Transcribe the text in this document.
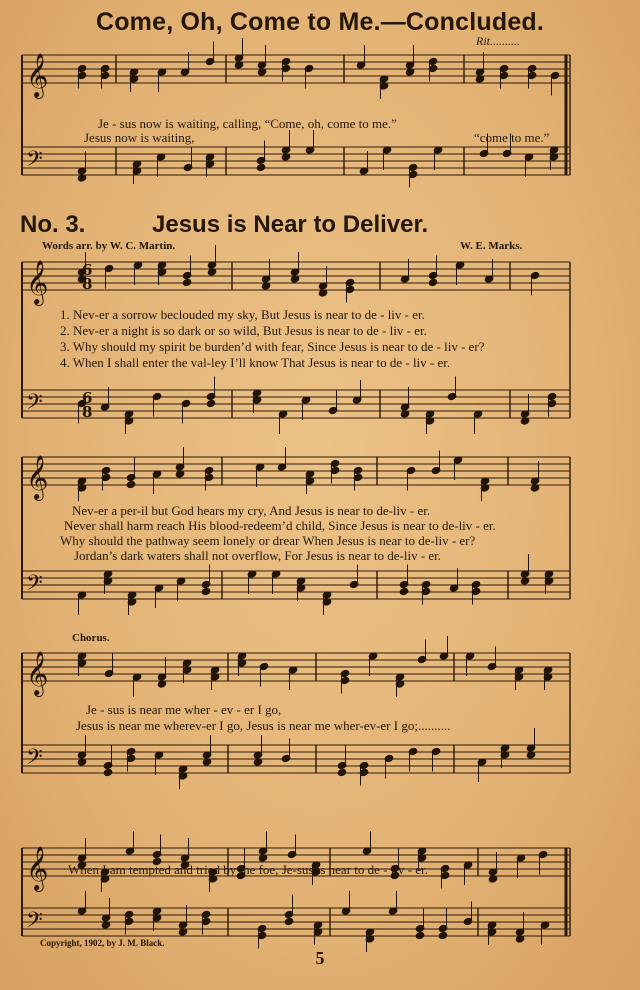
𝄞
𝄢
𝄞
𝄢
𝄞
𝄢
𝄞
𝄢
𝄞
𝄢
6
8
6
8
Come, Oh, Come to Me.—Concluded.
Rit..........
Je - sus now is waiting, calling, “Come, oh, come to me.”
Jesus now is waiting,	“come to me.”
No. 3.	Jesus is Near to Deliver.
Words arr. by W. C. Martin.	W. E. Marks.
1. Nev-er a sorrow beclouded my sky, But Jesus is near to de - liv - er.
2. Nev-er a night is so dark or so wild, But Jesus is near to de - liv - er.
3. Why should my spirit be burden’d with fear, Since Jesus is near to de - liv - er?
4. When I shall enter the val-ley I’ll know That Jesus is near to de - liv - er.
Nev-er a per-il but God hears my cry, And Jesus is near to de-liv - er.
Never shall harm reach His blood-redeem’d child, Since Jesus is near to de-liv - er.
Why should the pathway seem lonely or drear When Jesus is near to de-liv - er?
Jordan’s dark waters shall not overflow, For Jesus is near to de-liv - er.
Chorus.
Je - sus is near me wher - ev - er I go,
Jesus is near me wherev-er I go, Jesus is near me wher-ev-er I go;..........
When I am tempted and tried by the foe, Je-sus is near to de - liv - er.
Copyright, 1902, by J. M. Black.
5
